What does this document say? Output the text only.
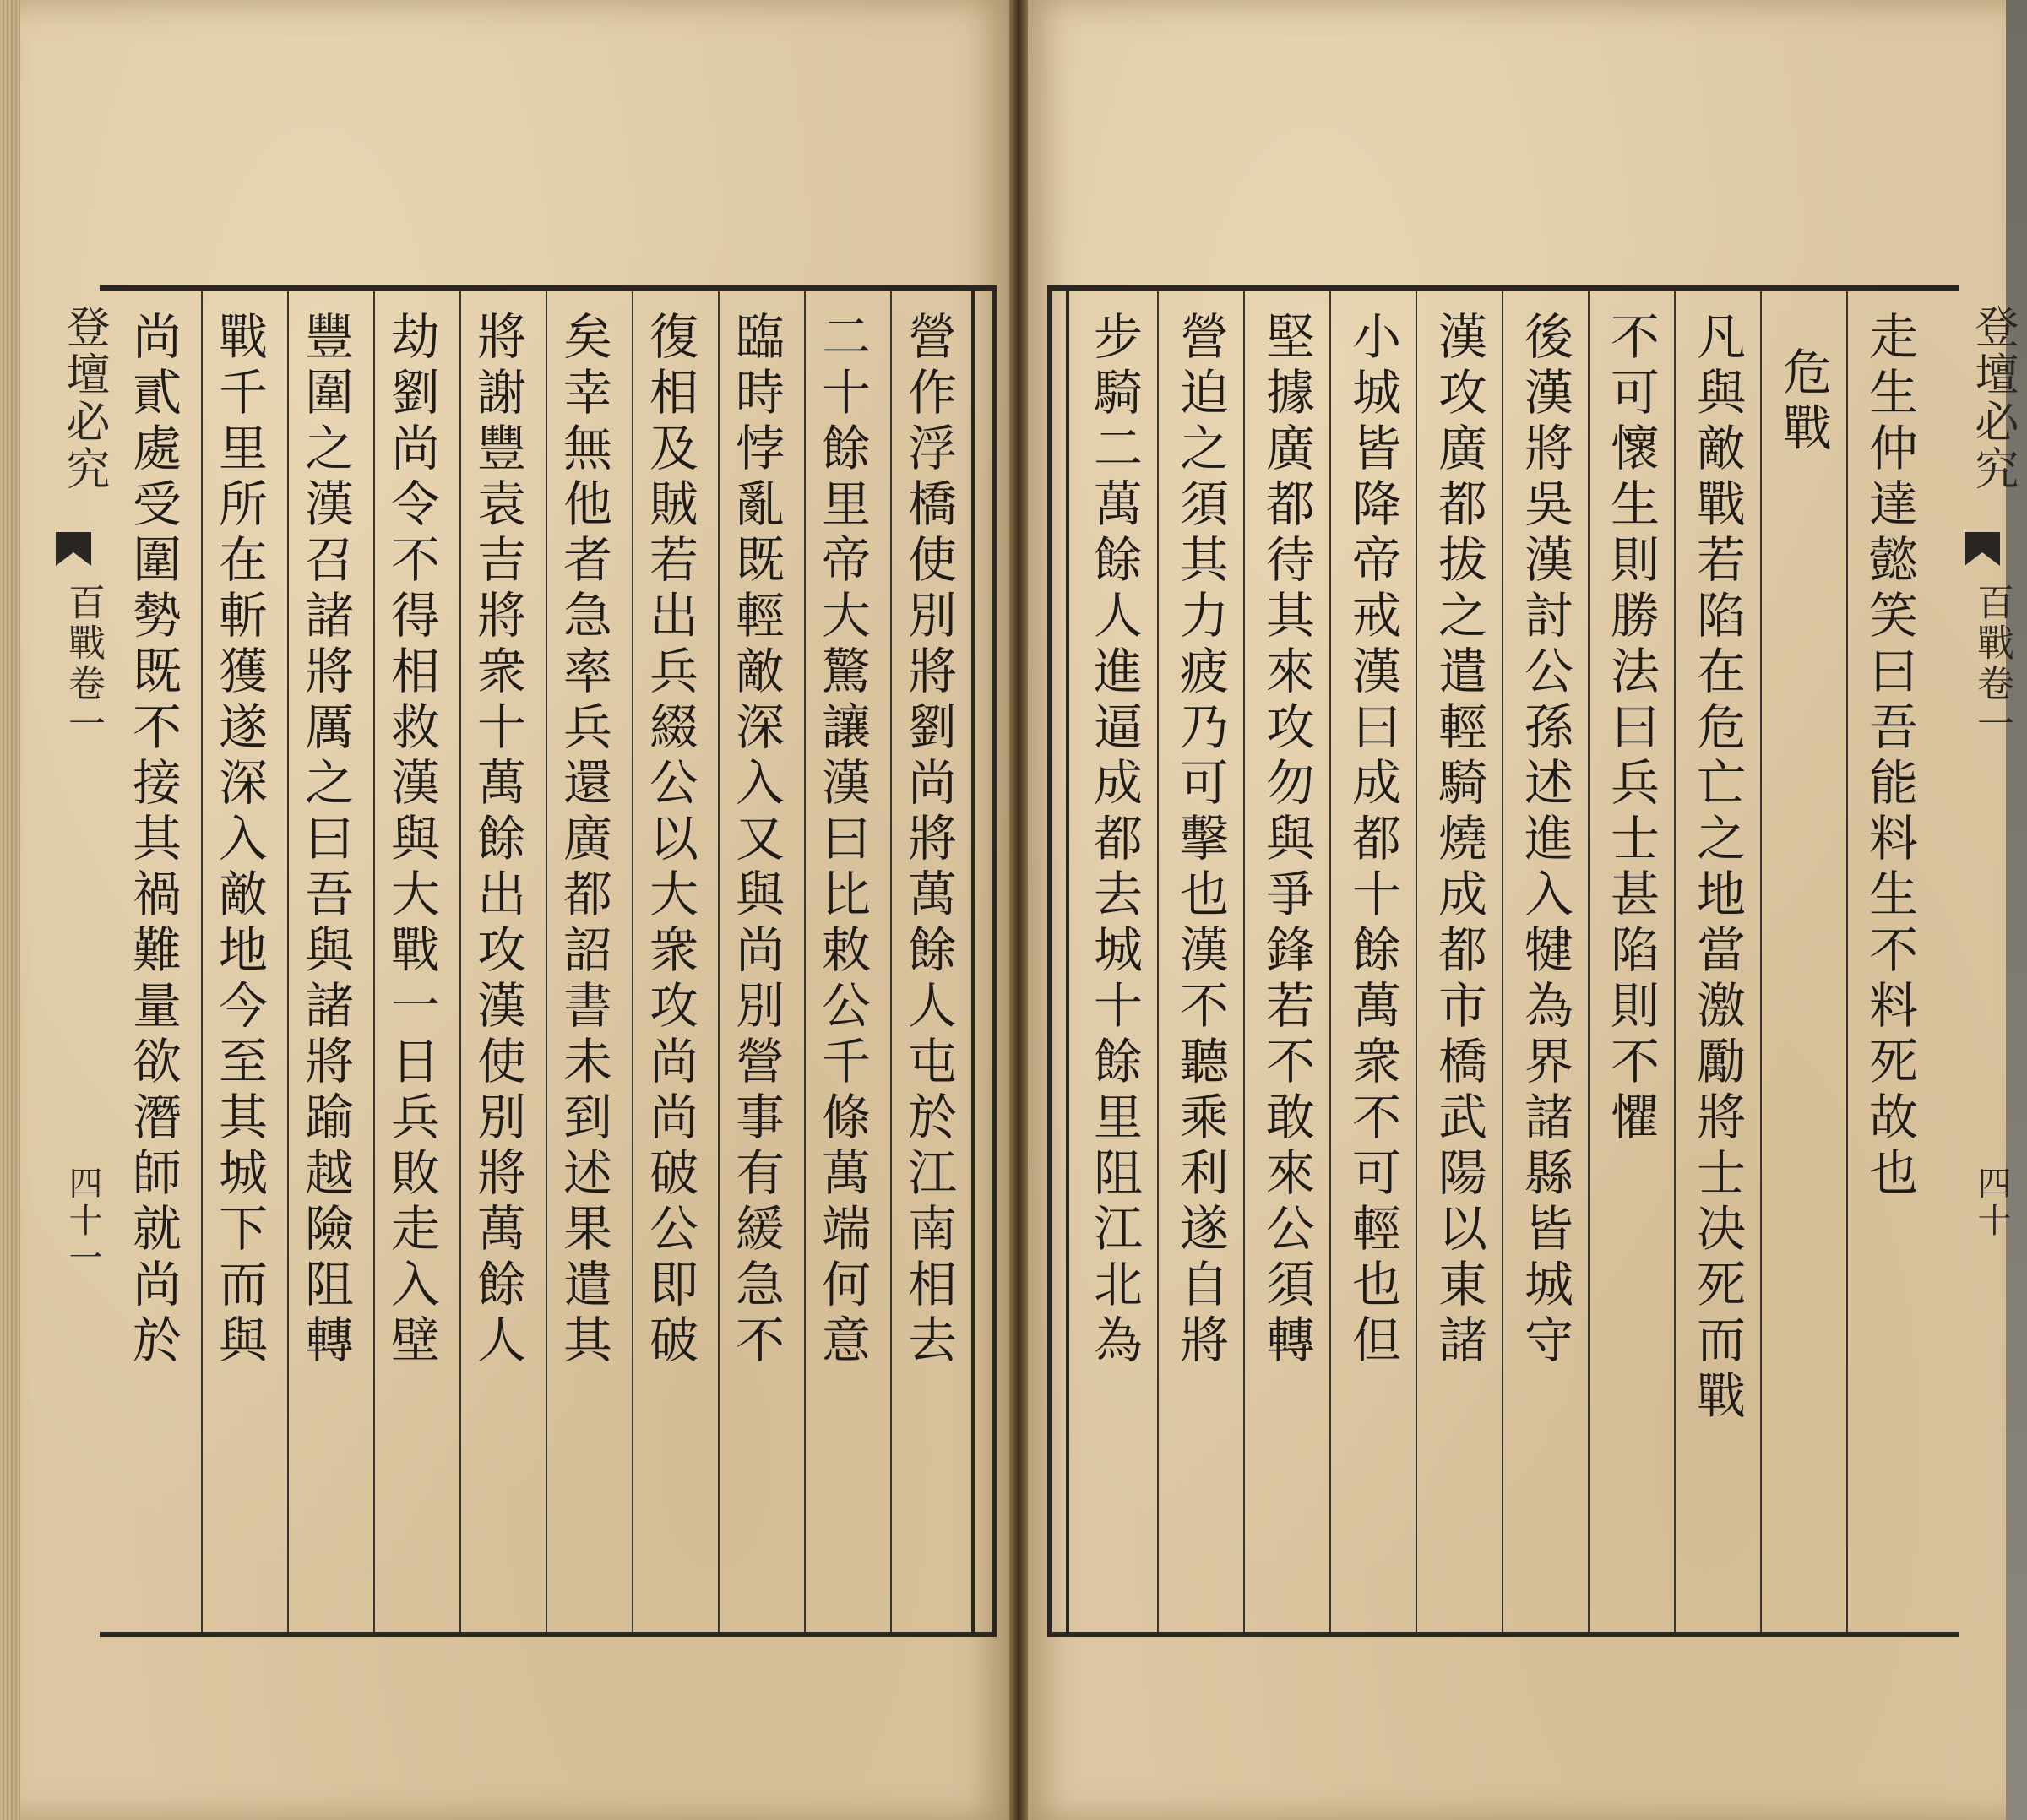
登壇必究
百戰卷一
四十一	營作浮橋使別將劉尚將萬餘人屯於江南相去
二十餘里帝大驚讓漢曰比敕公千條萬端何意
臨時悖亂既輕敵深入又與尚別營事有緩急不
復相及賊若出兵綴公以大衆攻尚尚破公即破
矣幸無他者急率兵還廣都詔書未到述果遣其
將謝豐袁吉將衆十萬餘出攻漢使別將萬餘人
劫劉尚令不得相救漢與大戰一日兵敗走入壁
豐圍之漢召諸將厲之曰吾與諸將踰越險阻轉
戰千里所在斬獲遂深入敵地今至其城下而與
尚貳處受圍勢既不接其禍難量欲潛師就尚於	登壇必究
百戰卷一
四十
走生仲達懿笑曰吾能料生不料死故也
危戰
凡與敵戰若陷在危亡之地當激勵將士决死而戰
不可懷生則勝法曰兵士甚陷則不懼
後漢將吳漢討公孫述進入犍為界諸縣皆城守
漢攻廣都拔之遣輕騎燒成都市橋武陽以東諸
小城皆降帝戒漢曰成都十餘萬衆不可輕也但
堅據廣都待其來攻勿與爭鋒若不敢來公須轉
營迫之須其力疲乃可擊也漢不聽乘利遂自將
步騎二萬餘人進逼成都去城十餘里阻江北為
